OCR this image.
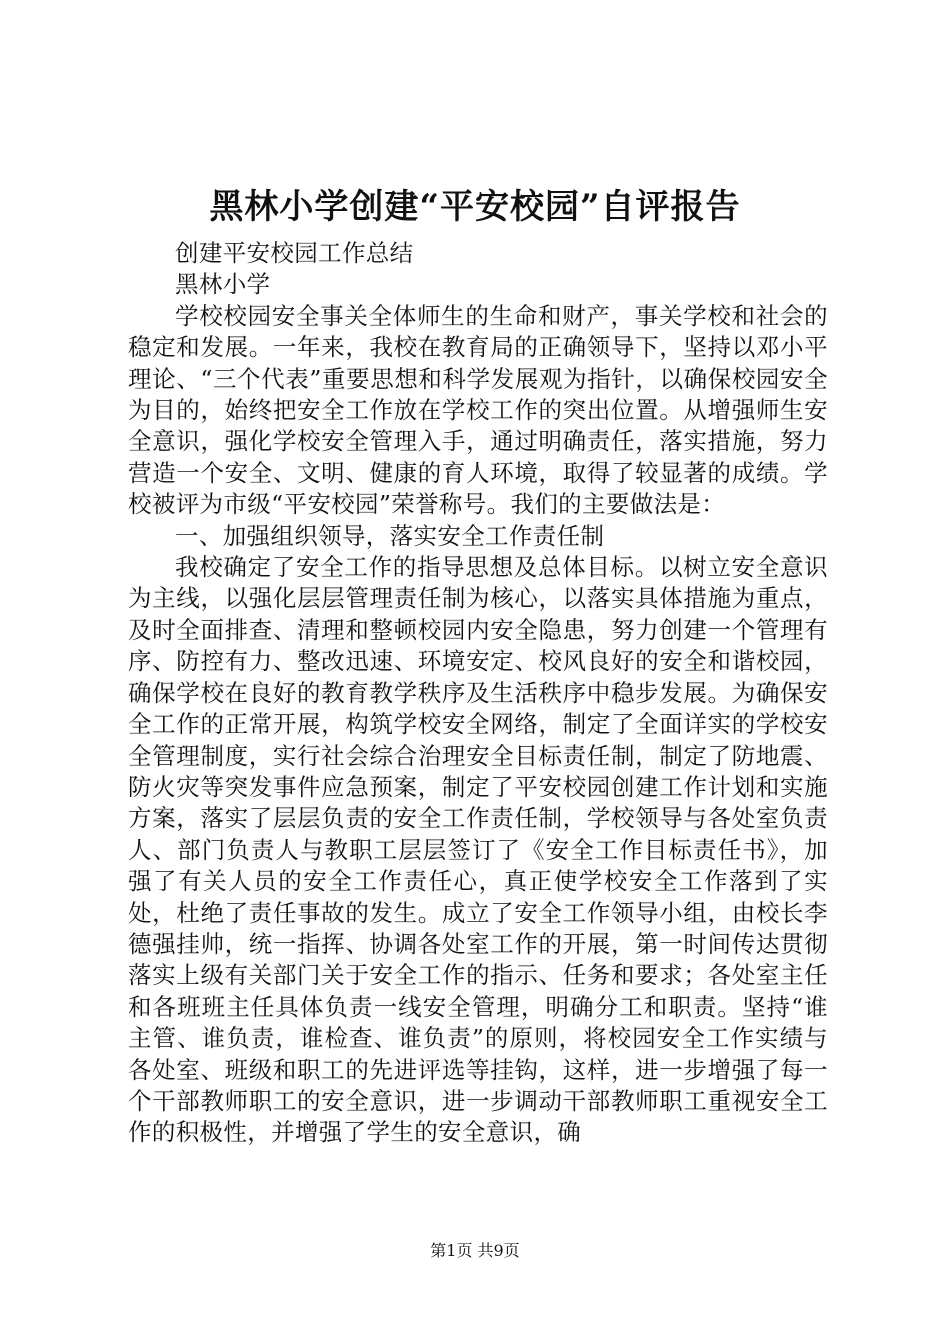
黑林小学创建“平安校园”自评报告

创建平安校园工作总结

黑林小学

学校校园安全事关全体师生的生命和财产，事关学校和社会的稳定和发展。一年来，我校在教育局的正确领导下，坚持以邓小平理论、“三个代表”重要思想和科学发展观为指针，以确保校园安全为目的，始终把安全工作放在学校工作的突出位置。从增强师生安全意识，强化学校安全管理入手，通过明确责任，落实措施，努力营造一个安全、文明、健康的育人环境，取得了较显著的成绩。学校被评为市级“平安校园”荣誉称号。我们的主要做法是：

一、加强组织领导，落实安全工作责任制

我校确定了安全工作的指导思想及总体目标。以树立安全意识为主线，以强化层层管理责任制为核心，以落实具体措施为重点，及时全面排查、清理和整顿校园内安全隐患，努力创建一个管理有序、防控有力、整改迅速、环境安定、校风良好的安全和谐校园，确保学校在良好的教育教学秩序及生活秩序中稳步发展。为确保安全工作的正常开展，构筑学校安全网络，制定了全面详实的学校安全管理制度，实行社会综合治理安全目标责任制，制定了防地震、防火灾等突发事件应急预案，制定了平安校园创建工作计划和实施方案，落实了层层负责的安全工作责任制，学校领导与各处室负责人、部门负责人与教职工层层签订了《安全工作目标责任书》，加强了有关人员的安全工作责任心，真正使学校安全工作落到了实处，杜绝了责任事故的发生。成立了安全工作领导小组，由校长李德强挂帅，统一指挥、协调各处室工作的开展，第一时间传达贯彻落实上级有关部门关于安全工作的指示、任务和要求；各处室主任和各班班主任具体负责一线安全管理，明确分工和职责。坚持“谁主管、谁负责，谁检查、谁负责”的原则，将校园安全工作实绩与各处室、班级和职工的先进评选等挂钩，这样，进一步增强了每一个干部教师职工的安全意识，进一步调动干部教师职工重视安全工作的积极性，并增强了学生的安全意识，确

第1页 共9页
